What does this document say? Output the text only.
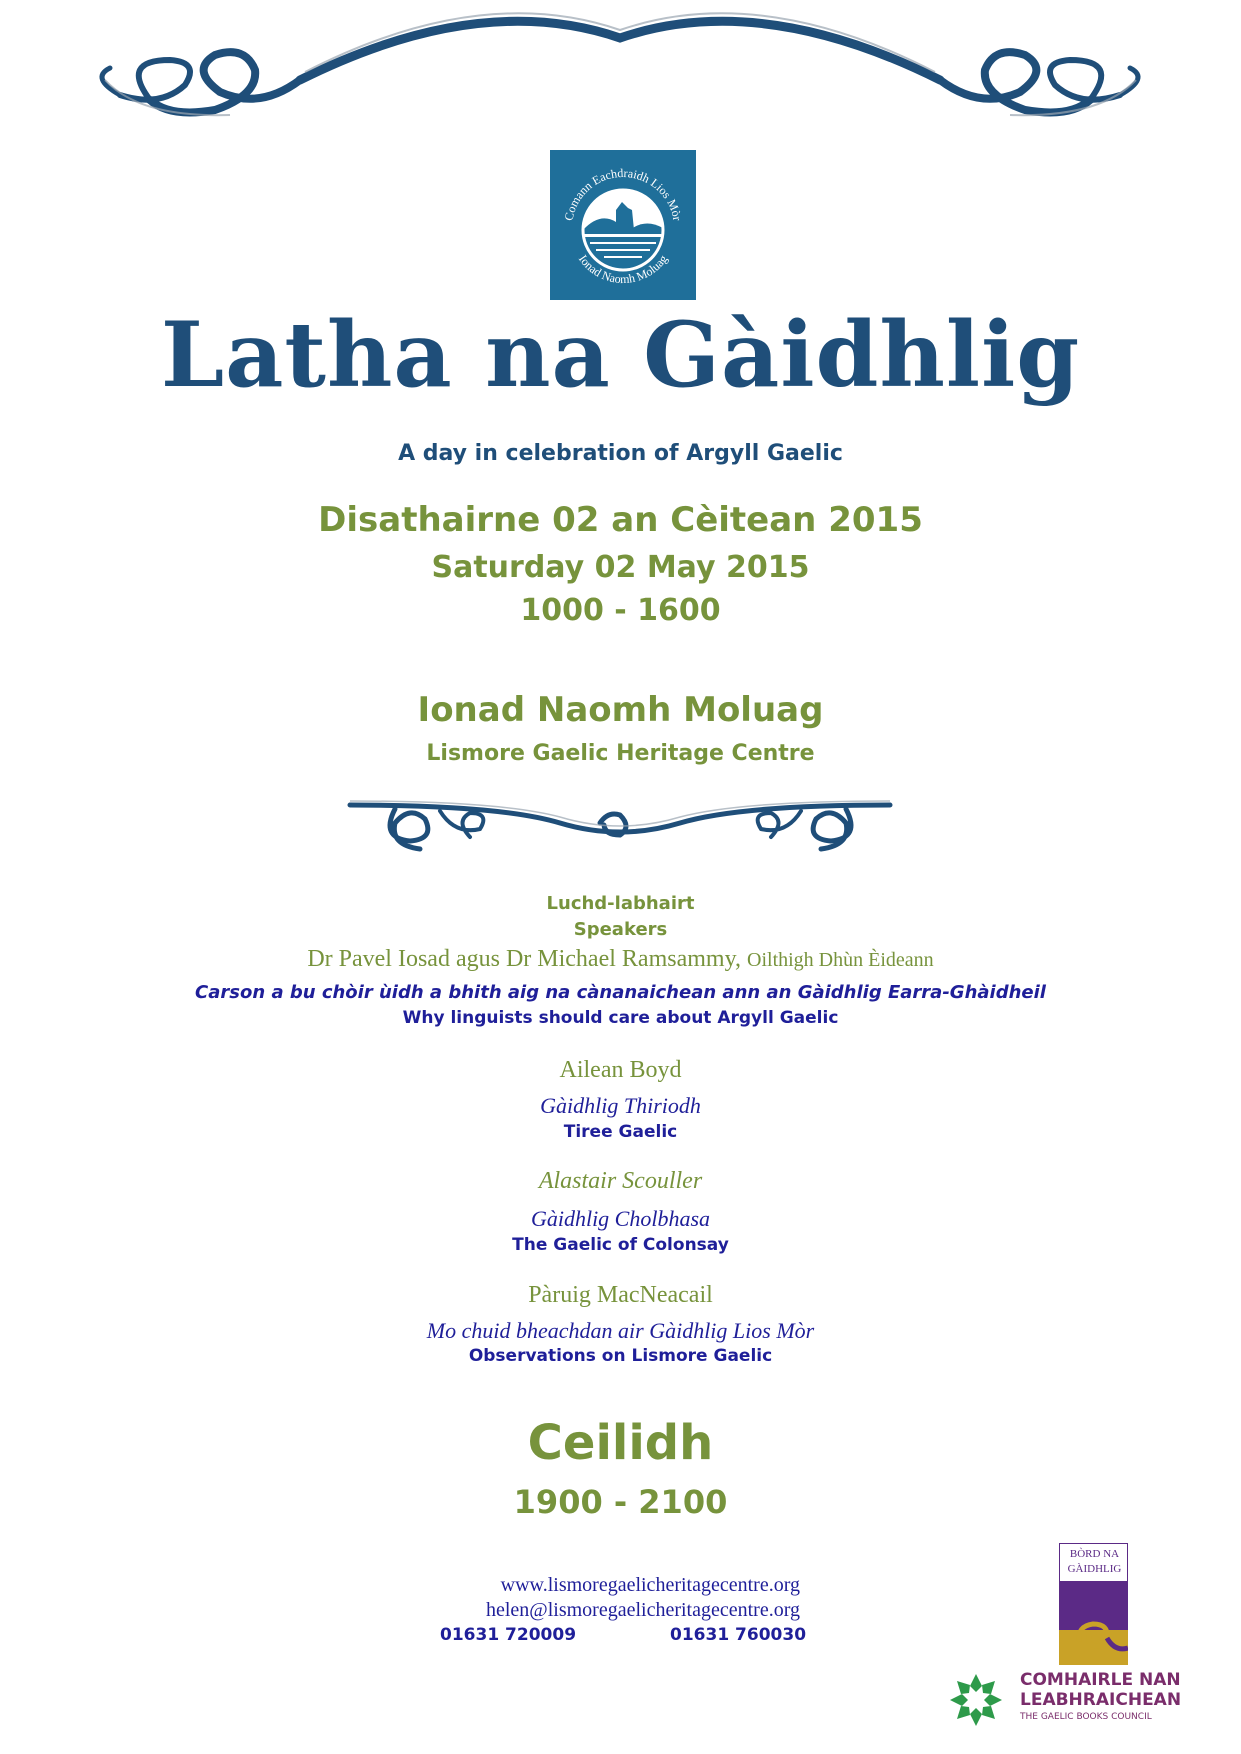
Comann Eachdraidh Lios Mòr
Ionad Naomh Moluag
Latha na Gàidhlig
A day in celebration of Argyll Gaelic
Disathairne 02 an Cèitean 2015
Saturday 02 May 2015
1000 - 1600
Ionad Naomh Moluag
Lismore Gaelic Heritage Centre
Luchd-labhairt
Speakers
Dr Pavel Iosad agus Dr Michael Ramsammy, Oilthigh Dhùn Èideann
Carson a bu chòir ùidh a bhith aig na cànanaichean ann an Gàidhlig Earra-Ghàidheil
Why linguists should care about Argyll Gaelic
Ailean Boyd
Gàidhlig Thiriodh
Tiree Gaelic
Alastair Scouller
Gàidhlig Cholbhasa
The Gaelic of Colonsay
Pàruig MacNeacail
Mo chuid bheachdan air Gàidhlig Lios Mòr
Observations on Lismore Gaelic
Ceilidh
1900 - 2100
www.lismoregaelicheritagecentre.org
helen@lismoregaelicheritagecentre.org
01631 720009	01631 760030
BÒRD NA
GÀIDHLIG
COMHAIRLE NAN
LEABHRAICHEAN
THE GAELIC BOOKS COUNCIL
